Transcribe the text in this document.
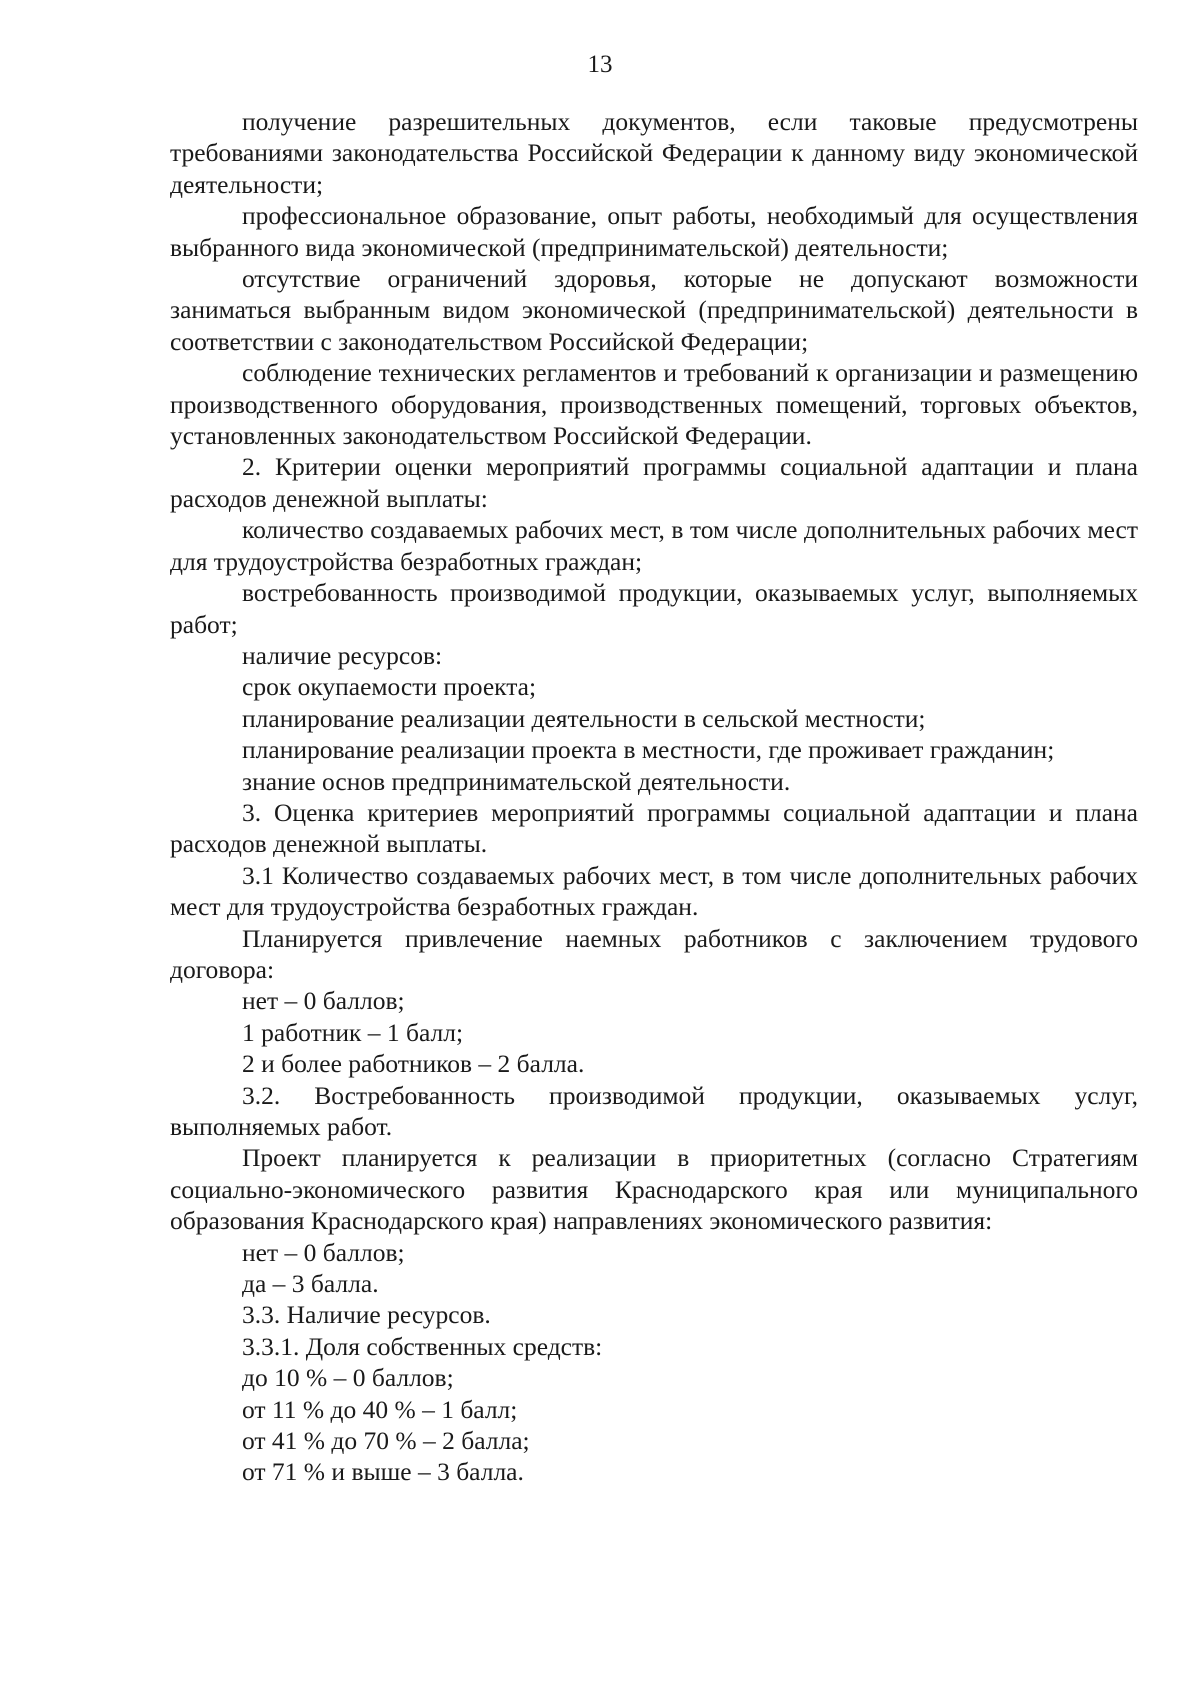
13

получение разрешительных документов, если таковые предусмотрены требованиями законодательства Российской Федерации к данному виду экономической деятельности;

профессиональное образование, опыт работы, необходимый для осуществления выбранного вида экономической (предпринимательской) деятельности;

отсутствие ограничений здоровья, которые не допускают возможности заниматься выбранным видом экономической (предпринимательской) деятельности в соответствии с законодательством Российской Федерации;

соблюдение технических регламентов и требований к организации и размещению производственного оборудования, производственных помещений, торговых объектов, установленных законодательством Российской Федерации.

2. Критерии оценки мероприятий программы социальной адаптации и плана расходов денежной выплаты:

количество создаваемых рабочих мест, в том числе дополнительных рабочих мест для трудоустройства безработных граждан;

востребованность производимой продукции, оказываемых услуг, выполняемых работ;

наличие ресурсов:

срок окупаемости проекта;

планирование реализации деятельности в сельской местности;

планирование реализации проекта в местности, где проживает гражданин;

знание основ предпринимательской деятельности.

3. Оценка критериев мероприятий программы социальной адаптации и плана расходов денежной выплаты.

3.1 Количество создаваемых рабочих мест, в том числе дополнительных рабочих мест для трудоустройства безработных граждан.

Планируется привлечение наемных работников с заключением трудового договора:

нет – 0 баллов;

1 работник – 1 балл;

2 и более работников – 2 балла.

3.2. Востребованность производимой продукции, оказываемых услуг, выполняемых работ.

Проект планируется к реализации в приоритетных (согласно Стратегиям социально-экономического развития Краснодарского края или муниципального образования Краснодарского края) направлениях экономического развития:

нет – 0 баллов;

да – 3 балла.

3.3. Наличие ресурсов.

3.3.1. Доля собственных средств:

до 10 % – 0 баллов;

от 11 % до 40 % – 1 балл;

от 41 % до 70 % – 2 балла;

от 71 % и выше – 3 балла.
